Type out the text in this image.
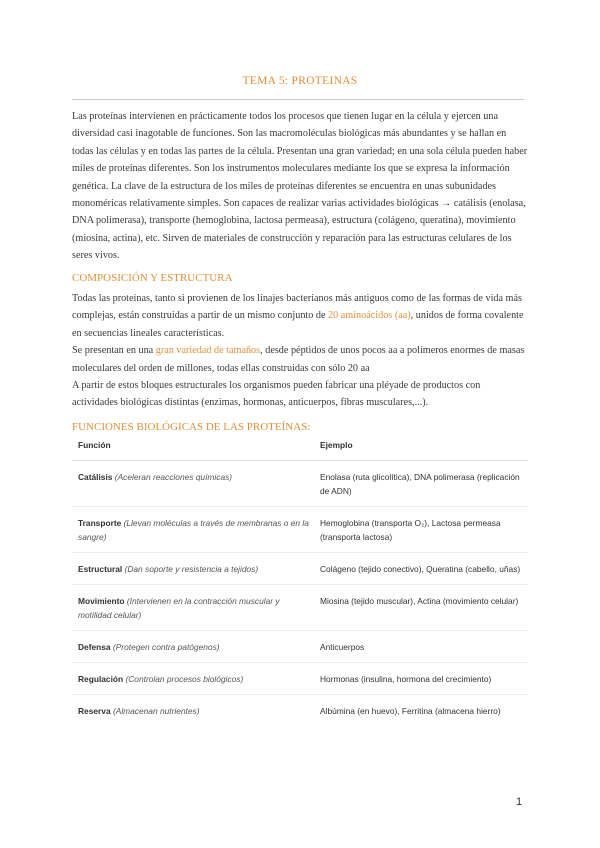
TEMA 5: PROTEINAS

Las proteínas intervienen en prácticamente todos los procesos que tienen lugar en la célula y ejercen una diversidad casi inagotable de funciones. Son las macromoléculas biológicas más abundantes y se hallan en todas las células y en todas las partes de la célula. Presentan una gran variedad; en una sola célula pueden haber miles de proteínas diferentes. Son los instrumentos moleculares mediante los que se expresa la información genética. La clave de la estructura de los miles de proteínas diferentes se encuentra en unas subunidades monoméricas relativamente simples. Son capaces de realizar varias actividades biológicas → catálisis (enolasa, DNA polimerasa), transporte (hemoglobina, lactosa permeasa), estructura (colágeno, queratina), movimiento (miosina, actina), etc. Sirven de materiales de construcción y reparación para las estructuras celulares de los seres vivos.

COMPOSICIÓN Y ESTRUCTURA

Todas las proteínas, tanto si provienen de los linajes bacterianos más antiguos como de las formas de vida más complejas, están construidas a partir de un mismo conjunto de 20 aminoácidos (aa), unidos de forma covalente en secuencias lineales características.

Se presentan en una gran variedad de tamaños, desde péptidos de unos pocos aa a polímeros enormes de masas moleculares del orden de millones, todas ellas construidas con sólo 20 aa

A partir de estos bloques estructurales los organismos pueden fabricar una pléyade de productos con actividades biológicas distintas (enzimas, hormonas, anticuerpos, fibras musculares,...).

FUNCIONES BIOLÓGICAS DE LAS PROTEÍNAS:

Función	Ejemplo
Catálisis (Aceleran reacciones químicas)	Enolasa (ruta glicolítica), DNA polimerasa (replicación de ADN)
Transporte (Llevan moléculas a través de membranas o en la sangre)	Hemoglobina (transporta O₂), Lactosa permeasa (transporta lactosa)
Estructural (Dan soporte y resistencia a tejidos)	Colágeno (tejido conectivo), Queratina (cabello, uñas)
Movimiento (Intervienen en la contracción muscular y motilidad celular)	Miosina (tejido muscular), Actina (movimiento celular)
Defensa (Protegen contra patógenos)	Anticuerpos
Regulación (Controlan procesos biológicos)	Hormonas (insulina, hormona del crecimiento)
Reserva (Almacenan nutrientes)	Albúmina (en huevo), Ferritina (almacena hierro)
1
